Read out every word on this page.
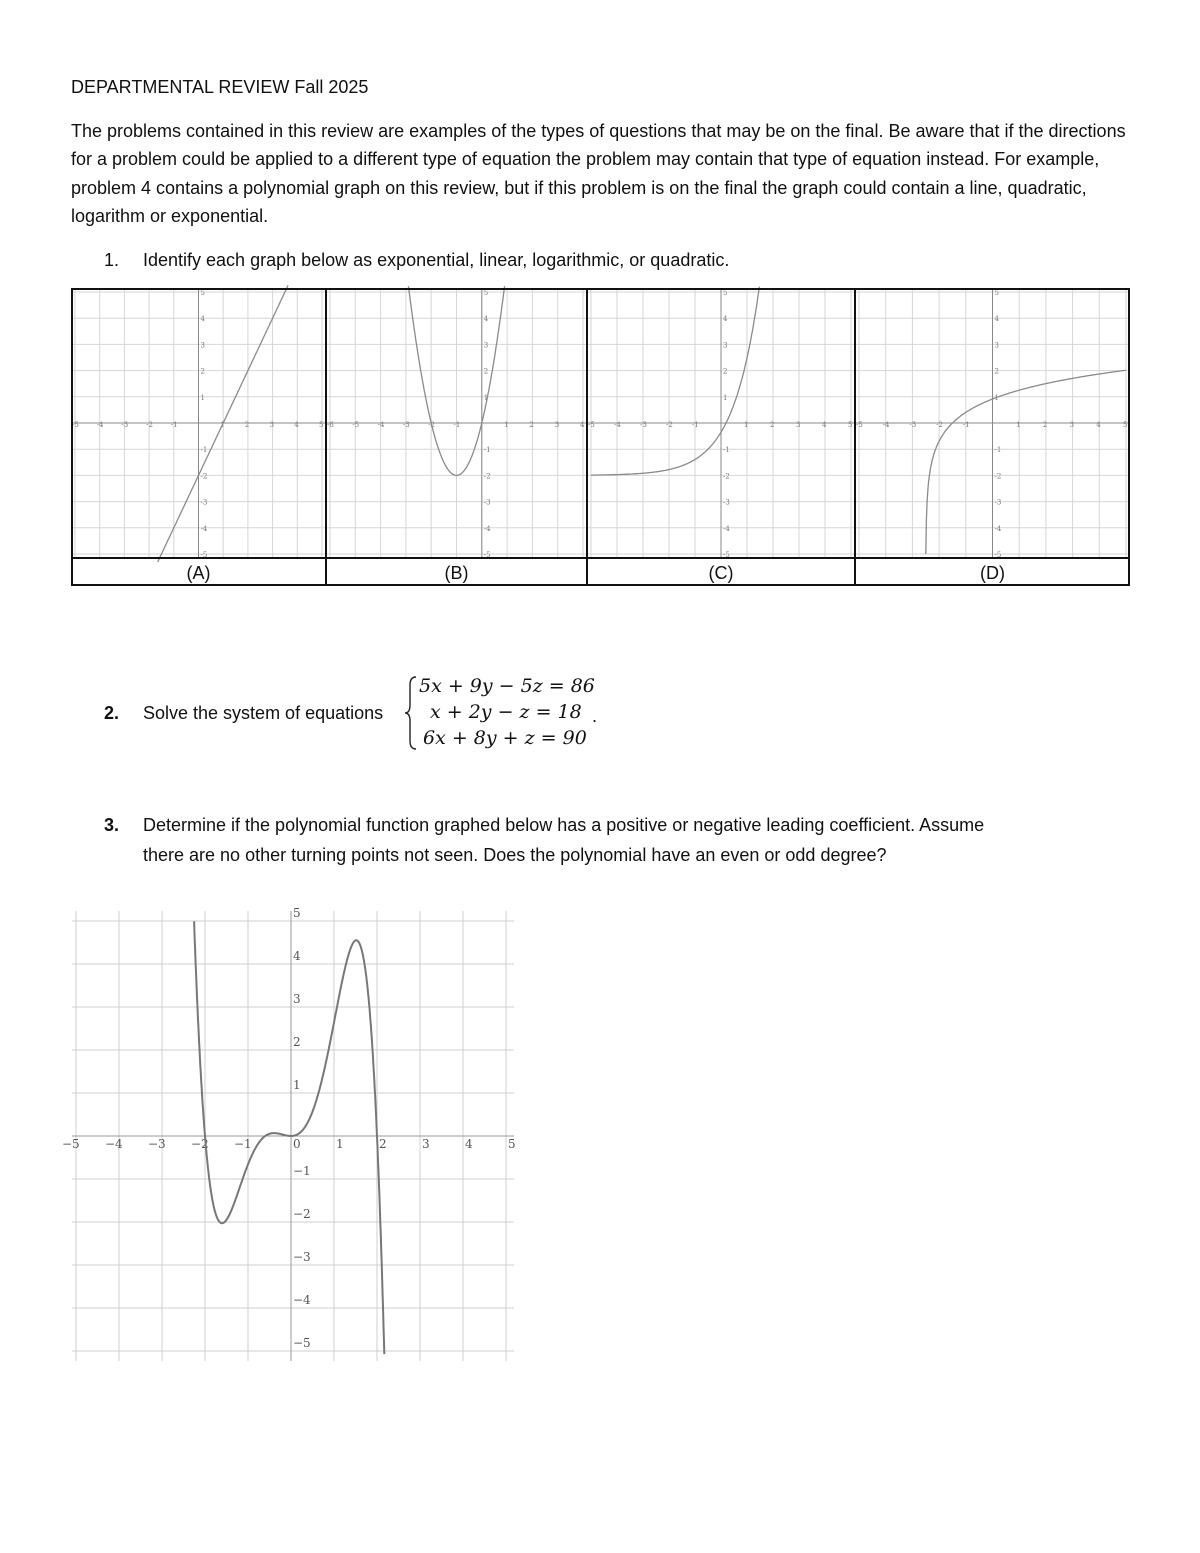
DEPARTMENTAL REVIEW Fall 2025
The problems contained in this review are examples of the types of questions that may be on the final. Be aware that if the directions for a problem could be applied to a different type of equation the problem may contain that type of equation instead. For example, problem 4 contains a polynomial graph on this review, but if this problem is on the final the graph could contain a line, quadratic, logarithm or exponential.
1. Identify each graph below as exponential, linear, logarithmic, or quadratic.
-5	-4	-3	-2	-1	1	2	3	4	5
-5
-4
-3
-2
-1
1
2
3
4
5
-6	-5	-4	-3	-2	-1	1	2	3	4
-5
-4
-3
-2
-1
1
2
3
4
5
-5	-4	-3	-2	-1	1	2	3	4	5
-5
-4
-3
-2
-1
1
2
3
4
5
-5	-4	-3	-2	-1	1	2	3	4	5
-5
-4
-3
-2
-1
1
2
3
4
5
(A)	(B)	(C)	(D)
2. Solve the system of equations
5x + 9y − 5z = 86
x + 2y − z = 18
6x + 8y + z = 90
.
3. Determine if the polynomial function graphed below has a positive or negative leading coefficient. Assume
there are no other turning points not seen. Does the polynomial have an even or odd degree?
−5 −4 −3 −2 −1	0	1	2	3	4	5
5
4
3
2
1
−1
−2
−3
−4
−5
